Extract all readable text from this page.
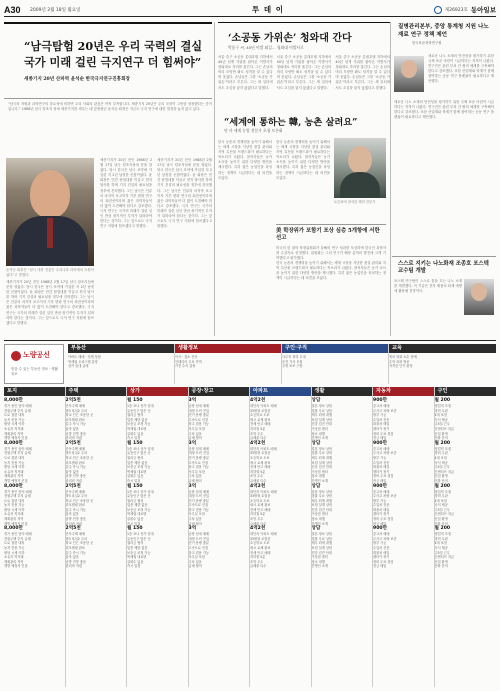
A30	2009년 2월 18일 월요일	투 데 이	제26923호 동아일보
“남극탐험 20년은 우리 국력의 결실
국가 미래 걸린 극지연구 더 힘써야”
세종기지 20년 산파역 윤석순 한국극지연구진흥회장
“남극의 자원과 과학연구의 중요성에 비하면 우리 사회의 관심은 아직 부족합니다. 세종기지 20년은 우리 국력이 그만큼 성장했다는 증거입니다.” 1988년 남극 킹조지 섬에 세종기지를 세우는 데 앞장섰던 윤석순 회장은 지금도 극지 연구에 대한 열정을 놓지 않고 있다.
윤석순 회장은 “남극 대륙 진출은 우리나라 과학계의 숙원이었다”고 말했다.
세종기지가 20년 전인 1988년 2월 17일 남극 킹조지섬에 문을 열었다. 당시 한국은 남극 조약에 가입한 지 2년 남짓한 신참이었다. 윤 회장은 민간 탐험대를 이끌고 현지 답사를 하며 기지 건설의 필요성을 정부에 건의했다. 그는 남극은 인류의 마지막 보고이자 기후 변화 연구의 최전선이라며 젊은 과학자들이 더 많이 도전해야 한다고 강조했다. 극지 연구는 국가의 미래가 걸린 일인 만큼 장기적인 투자가 뒤따라야 한다는 것이다. 그는 앞으로도 극지 연구 지원에 힘쓰겠다고 말했다.
세종기지가 20년 전인 1988년 2월 17일 남극 킹조지섬에 문을 열었다. 당시 한국은 남극 조약에 가입한 지 2년 남짓한 신참이었다. 윤 회장은 민간 탐험대를 이끌고 현지 답사를 하며 기지 건설의 필요성을 정부에 건의했다. 그는 남극은 인류의 마지막 보고이자 기후 변화 연구의 최전선이라며 젊은 과학자들이 더 많이 도전해야 한다고 강조했다. 극지 연구는 국가의 미래가 걸린 일인 만큼 장기적인 투자가 뒤따라야 한다는 것이다. 그는 앞으로도 극지 연구 지원에 힘쓰겠다고 말했다.
세종기지가 20년 전인 1988년 2월 17일 남극 킹조지섬에 문을 열었다. 당시 한국은 남극 조약에 가입한 지 2년 남짓한 신참이었다. 윤 회장은 민간 탐험대를 이끌고 현지 답사를 하며 기지 건설의 필요성을 정부에 건의했다. 그는 남극은 인류의 마지막 보고이자 기후 변화 연구의 최전선이라며 젊은 과학자들이 더 많이 도전해야 한다고 강조했다. 극지 연구는 국가의 미래가 걸린 일인 만큼 장기적인 투자가 뒤따라야 한다는 것이다. 그는 앞으로도 극지 연구 지원에 힘쓰겠다고 말했다.
‘소공동 가위손’ 청와대 간다
박종구 씨, 40년 이발 외길… 청와대 이발사로
서울 중구 소공동 롯데호텔 지하에서 40년 넘게 가위를 잡아온 이발사가 청와대로 자리를 옮긴다. 그는 손님의 머리 모양만 봐도 성격을 알 수 있다며 웃었다. 손님들은 그를 ‘소공동 가위손’이라고 부른다. 그는 새 일터에서도 초심을 잃지 않겠다고 말했다.
서울 중구 소공동 롯데호텔 지하에서 40년 넘게 가위를 잡아온 이발사가 청와대로 자리를 옮긴다. 그는 손님의 머리 모양만 봐도 성격을 알 수 있다며 웃었다. 손님들은 그를 ‘소공동 가위손’이라고 부른다. 그는 새 일터에서도 초심을 잃지 않겠다고 말했다.
서울 중구 소공동 롯데호텔 지하에서 40년 넘게 가위를 잡아온 이발사가 청와대로 자리를 옮긴다. 그는 손님의 머리 모양만 봐도 성격을 알 수 있다며 웃었다. 손님들은 그를 ‘소공동 가위손’이라고 부른다. 그는 새 일터에서도 초심을 잃지 않겠다고 말했다.
“세계에 통하는 韓, 농촌 살려요”
연 사 세계 농업 전문가 초청 토론회
한국 농촌의 경쟁력을 높이기 위해서는 세계 시장을 겨냥한 품질 관리와 지역 특산물 브랜드화가 필요하다는 목소리가 나왔다. 참석자들은 농가 소득을 높이기 위한 다양한 방안을 제시했다. 특히 젊은 농업인을 육성하는 정책이 시급하다는 데 의견을 모았다.
한국 농촌의 경쟁력을 높이기 위해서는 세계 시장을 겨냥한 품질 관리와 지역 특산물 브랜드화가 필요하다는 목소리가 나왔다. 참석자들은 농가 소득을 높이기 위한 다양한 방안을 제시했다. 특히 젊은 농업인을 육성하는 정책이 시급하다는 데 의견을 모았다.
토론회에 참석한 해외 전문가
美 학장위가 포함기 포상 심층 5개항에 서한 선고
미국의 한 대학 학장위원회가 올해의 연구 성과를 포상하며 한국인 과학자를 수상자로 선정했다. 위원회는 그의 연구가 해당 분야의 발전에 크게 기여했다고 평가했다.
한국 농촌의 경쟁력을 높이기 위해서는 세계 시장을 겨냥한 품질 관리와 지역 특산물 브랜드화가 필요하다는 목소리가 나왔다. 참석자들은 농가 소득을 높이기 위한 다양한 방안을 제시했다. 특히 젊은 농업인을 육성하는 정책이 시급하다는 데 의견을 모았다.
질병관리본부, 중앙 통계청 지원 나노재료 연구 정책 제언
한국표준과학연구원
새로운 나노 소재의 안전성을 평가하기 위한 국제 표준 마련이 시급하다는 지적이 나왔다. 연구진은 관련 부처 간 협력 체계를 구축해야 한다고 강조했다. 또한 산업계와 학계가 함께 참여하는 공동 연구 플랫폼이 필요하다고 제안했다.
새로운 나노 소재의 안전성을 평가하기 위한 국제 표준 마련이 시급하다는 지적이 나왔다. 연구진은 관련 부처 간 협력 체계를 구축해야 한다고 강조했다. 또한 산업계와 학계가 함께 참여하는 공동 연구 플랫폼이 필요하다고 제안했다.
스스로 지키는 나노화재 조종호 포스텍 교수팀 개발
포스텍 연구팀이 스스로 불을 끄는 나노 소재를 개발했다. 이 기술은 전자 제품의 화재 예방에 활용될 전망이다.
노량공신
믿을 수 있는 부동산 정보 · 생활 정보
부동산
아파트 매매 · 전세 상담
역세권 오피스텔 분양
상가 임대 급매
생활정보
이사 · 청소 전문
인테리어 무료 견적
가전 수리 출장
구인·구직
사무직 경력 우대
운전 기사 모집
주방 보조 구함
교육
영어 회화 소수 정예
수학 과외 방문
자격증 단기 완성
토지
8,000만
경기 용인 임야 매매
전원주택 부지 급매
도로 접한 대지
농지 전용 가능
평당 시세 이하
소유자 직거래
계획관리 지역
개발 예정지 인접
8,000만
경기 용인 임야 매매
전원주택 부지 급매
도로 접한 대지
농지 전용 가능
평당 시세 이하
소유자 직거래
계획관리 지역
개발 예정지 인접
8,000만
경기 용인 임야 매매
전원주택 부지 급매
도로 접한 대지
농지 전용 가능
평당 시세 이하
소유자 직거래
계획관리 지역
개발 예정지 인접
8,000만
경기 용인 임야 매매
전원주택 부지 급매
도로 접한 대지
농지 전용 가능
평당 시세 이하
소유자 직거래
계획관리 지역
개발 예정지 인접
주택
2억5천
단독주택 매매
방3 욕실2 주차
학교 인근 조용한 곳
리모델링 완료
입주 즉시 가능
융자 없음
남향 전망 좋음
관리비 저렴
2억5천
단독주택 매매
방3 욕실2 주차
학교 인근 조용한 곳
리모델링 완료
입주 즉시 가능
융자 없음
남향 전망 좋음
관리비 저렴
2억5천
단독주택 매매
방3 욕실2 주차
학교 인근 조용한 곳
리모델링 완료
입주 즉시 가능
융자 없음
남향 전망 좋음
관리비 저렴
2억5천
단독주택 매매
방3 욕실2 주차
학교 인근 조용한 곳
리모델링 완료
입주 즉시 가능
융자 없음
남향 전망 좋음
관리비 저렴
상가
월 150
1층 코너 상가 임대
유동인구 많은 곳
권리금 협의
업종 제한 없음
보증금 조정 가능
역세권 대로변
실평수 넓음
즉시 입점
월 150
1층 코너 상가 임대
유동인구 많은 곳
권리금 협의
업종 제한 없음
보증금 조정 가능
역세권 대로변
실평수 넓음
즉시 입점
월 150
1층 코너 상가 임대
유동인구 많은 곳
권리금 협의
업종 제한 없음
보증금 조정 가능
역세권 대로변
실평수 넓음
즉시 입점
월 150
1층 코너 상가 임대
유동인구 많은 곳
권리금 협의
업종 제한 없음
보증금 조정 가능
역세권 대로변
실평수 넓음
즉시 입점
공장·창고
3억
공장 임대 매매
대형 트럭 진입
전기 용량 충분
고속도로 인접
창고 겸용 가능
사무실 포함
주차 넓음
급매 협의
3억
공장 임대 매매
대형 트럭 진입
전기 용량 충분
고속도로 인접
창고 겸용 가능
사무실 포함
주차 넓음
급매 협의
3억
공장 임대 매매
대형 트럭 진입
전기 용량 충분
고속도로 인접
창고 겸용 가능
사무실 포함
주차 넓음
급매 협의
3억
공장 임대 매매
대형 트럭 진입
전기 용량 충분
고속도로 인접
창고 겸용 가능
사무실 포함
주차 넓음
급매 협의
아파트
4억2천
대단지 아파트 매매
33평형 로열층
초등학교 도보
새시 교체 완료
전세 안고 매매
지하철 5분
조망 우수
급매물 다수
4억2천
대단지 아파트 매매
33평형 로열층
초등학교 도보
새시 교체 완료
전세 안고 매매
지하철 5분
조망 우수
급매물 다수
4억2천
대단지 아파트 매매
33평형 로열층
초등학교 도보
새시 교체 완료
전세 안고 매매
지하철 5분
조망 우수
급매물 다수
4억2천
대단지 아파트 매매
33평형 로열층
초등학교 도보
새시 교체 완료
전세 안고 매매
지하철 5분
조망 우수
급매물 다수
생활
상담
결혼 정보 상담
법률 무료 상담
세무 회계 대행
보험 설계 상담
건강 검진 안내
이삿짐 센터
청소 대행
간병인 소개
상담
결혼 정보 상담
법률 무료 상담
세무 회계 대행
보험 설계 상담
건강 검진 안내
이삿짐 센터
청소 대행
간병인 소개
상담
결혼 정보 상담
법률 무료 상담
세무 회계 대행
보험 설계 상담
건강 검진 안내
이삿짐 센터
청소 대행
간병인 소개
상담
결혼 정보 상담
법률 무료 상담
세무 회계 대행
보험 설계 상담
건강 검진 안내
이삿짐 센터
청소 대행
간병인 소개
자동차
900만
중고차 매매
무사고 차량 보증
할부 가능
수입차 전문
화물차 매입
렌터카 장기
정비 무료 점검
현금 매입
900만
중고차 매매
무사고 차량 보증
할부 가능
수입차 전문
화물차 매입
렌터카 장기
정비 무료 점검
현금 매입
900만
중고차 매매
무사고 차량 보증
할부 가능
수입차 전문
화물차 매입
렌터카 장기
정비 무료 점검
현금 매입
900만
중고차 매매
무사고 차량 보증
할부 가능
수입차 전문
화물차 매입
렌터카 장기
정비 무료 점검
현금 매입
구인
월 200
영업직 모집
경력 무관
4대 보험
숙식 제공
주5일 근무
인센티브 지급
신입 환영
전화 문의
월 200
영업직 모집
경력 무관
4대 보험
숙식 제공
주5일 근무
인센티브 지급
신입 환영
전화 문의
월 200
영업직 모집
경력 무관
4대 보험
숙식 제공
주5일 근무
인센티브 지급
신입 환영
전화 문의
월 200
영업직 모집
경력 무관
4대 보험
숙식 제공
주5일 근무
인센티브 지급
신입 환영
전화 문의
